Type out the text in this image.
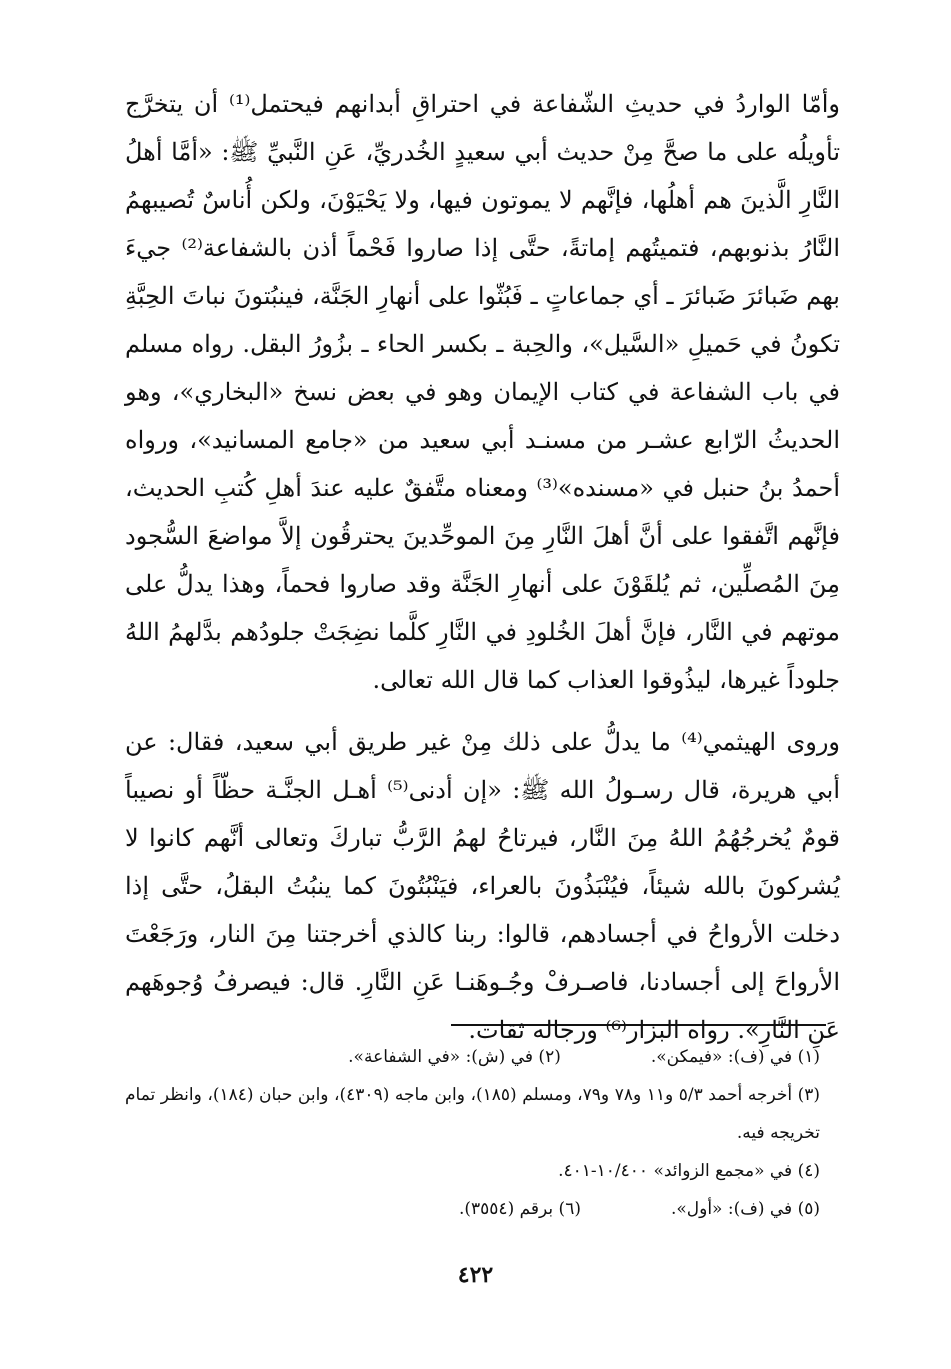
وأمّا الواردُ في حديثِ الشّفاعة في احتراقِ أبدانهم فيحتمل⁽¹⁾ أن يتخرَّج تأويلُه على ما صحَّ مِنْ حديث أبي سعيدٍ الخُدريِّ، عَنِ النَّبيِّ ﷺ: «أمَّا أهلُ النَّارِ الَّذينَ هم أهلُها، فإنَّهم لا يموتون فيها، ولا يَحْيَوْنَ، ولكن أُناسٌ تُصيبهمُ النَّارُ بذنوبهم، فتميتُهم إماتةً، حتَّى إذا صاروا فَحْماً أذن بالشفاعة⁽²⁾ جيءَ بهم ضَبائرَ ضَبائرَ ـ أي جماعاتٍ ـ فَبُثّوا على أنهارِ الجَنَّة، فينبُتونَ نباتَ الحِبَّةِ تكونُ في حَميلِ «السَّيل»، والحِبة ـ بكسر الحاء ـ بزُورُ البقل. رواه مسلم في باب الشفاعة في كتاب الإيمان وهو في بعض نسخ «البخاري»، وهو الحديثُ الرّابع عشـر من مسنـد أبي سعيد من «جامع المسانيد»، ورواه أحمدُ بنُ حنبل في «مسنده»⁽³⁾ ومعناه متَّفقٌ عليه عندَ أهلِ كُتبِ الحديث، فإنَّهم اتَّفقوا على أنَّ أهلَ النَّارِ مِنَ الموحِّدينَ يحترقُون إلاَّ مواضعَ السُّجود مِنَ المُصلِّين، ثم يُلقَوْنَ على أنهارِ الجَنَّة وقد صاروا فحماً، وهذا يدلُّ على موتهم في النَّار، فإنَّ أهلَ الخُلودِ في النَّارِ كلَّما نضِجَتْ جلودُهم بدَّلهمُ اللهُ جلوداً غيرها، ليذُوقوا العذاب كما قال الله تعالى.

وروى الهيثمي⁽⁴⁾ ما يدلُّ على ذلك مِنْ غير طريق أبي سعيد، فقال: عن أبي هريرة، قال رسـولُ الله ﷺ: «إن أدنى⁽⁵⁾ أهـل الجنَّـة حظّاً أو نصيباً قومٌ يُخرجُهُمُ اللهُ مِنَ النَّار، فيرتاحُ لهمُ الرَّبُّ تباركَ وتعالى أنَّهم كانوا لا يُشركونَ بالله شيئاً، فيُنْبَذُونَ بالعراء، فيَنْبُتُونَ كما ينبُتُ البقلُ، حتَّى إذا دخلت الأرواحُ في أجسادهم، قالوا: ربنا كالذي أخرجتنا مِنَ النار، ورَجَعْتَ الأرواحَ إلى أجسادنا، فاصـرفْ وجُـوهَنـا عَنِ النَّارِ. قال: فيصرفُ وُجوهَهم عَنِ النَّارِ». رواه البزار⁽⁶⁾ ورجاله ثقات.

(١) في (ف): «فيمكن».
(٢) في (ش): «في الشفاعة».
(٣) أخرجه أحمد ٥/٣ و١١ و٧٨ و٧٩، ومسلم (١٨٥)، وابن ماجه (٤٣٠٩)، وابن حبان (١٨٤)، وانظر تمام تخريجه فيه.
(٤) في «مجمع الزوائد» ١٠/٤٠٠-٤٠١.
(٥) في (ف): «أول».
(٦) برقم (٣٥٥٤).
٤٢٢
